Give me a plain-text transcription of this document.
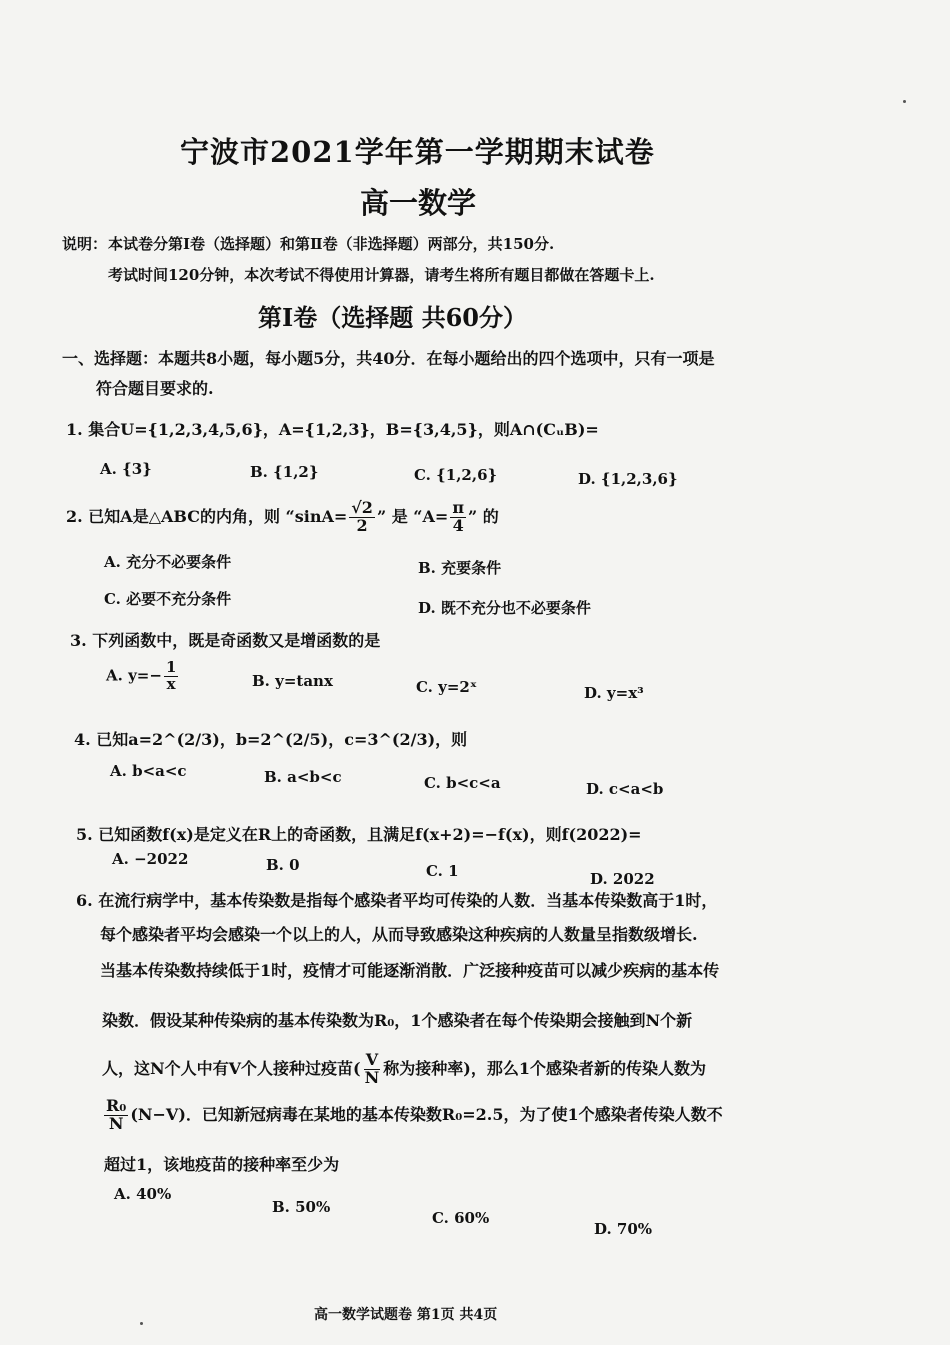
宁波市2021学年第一学期期末试卷
高一数学
说明： 本试卷分第Ⅰ卷（选择题）和第Ⅱ卷（非选择题）两部分，共150分.
考试时间120分钟，本次考试不得使用计算器，请考生将所有题目都做在答题卡上.
第Ⅰ卷（选择题 共60分）
一、选择题：本题共8小题，每小题5分，共40分．在每小题给出的四个选项中，只有一项是
符合题目要求的.
1. 集合U={1,2,3,4,5,6}，A={1,2,3}，B={3,4,5}，则A∩(CᵤB)=
A. {3}	B. {1,2}	C. {1,2,6}	D. {1,2,3,6}
2. 已知A是△ABC的内角，则 “$\sin A= \frac{√2}{2}$ ” 是 “$A= \frac{\pi}{4}$ ” 的
A. 充分不必要条件	B. 充要条件
C. 必要不充分条件	D. 既不充分也不必要条件
3. 下列函数中，既是奇函数又是增函数的是
A. $y=- \frac{1}{x}$	B. y=tanx	C. y=2ˣ	D. y=x³
4. 已知a=2^(2/3)，b=2^(2/5)，c=3^(2/3)，则
A. b<a<c	B. a<b<c	C. b<c<a	D. c<a<b
5. 已知函数f(x)是定义在R上的奇函数，且满足f(x+2)=−f(x)，则f(2022)=
A. −2022	B. 0	C. 1	D. 2022
6. 在流行病学中，基本传染数是指每个感染者平均可传染的人数．当基本传染数高于1时，
每个感染者平均会感染一个以上的人，从而导致感染这种疾病的人数量呈指数级增长.
当基本传染数持续低于1时，疫情才可能逐渐消散．广泛接种疫苗可以减少疾病的基本传
染数．假设某种传染病的基本传染数为R₀，1个感染者在每个传染期会接触到N个新
人，这N个人中有V个人接种过疫苗( $\frac{V}{N}$ 称为接种率)，那么1个感染者新的传染人数为
$\frac{\text{R₀}}{N} (N-V)$．已知新冠病毒在某地的基本传染数R₀=2.5，为了使1个感染者传染人数不
超过1，该地疫苗的接种率至少为
A. 40%
B. 50%
C. 60%
D. 70%
高一数学试题卷 第1页 共4页
